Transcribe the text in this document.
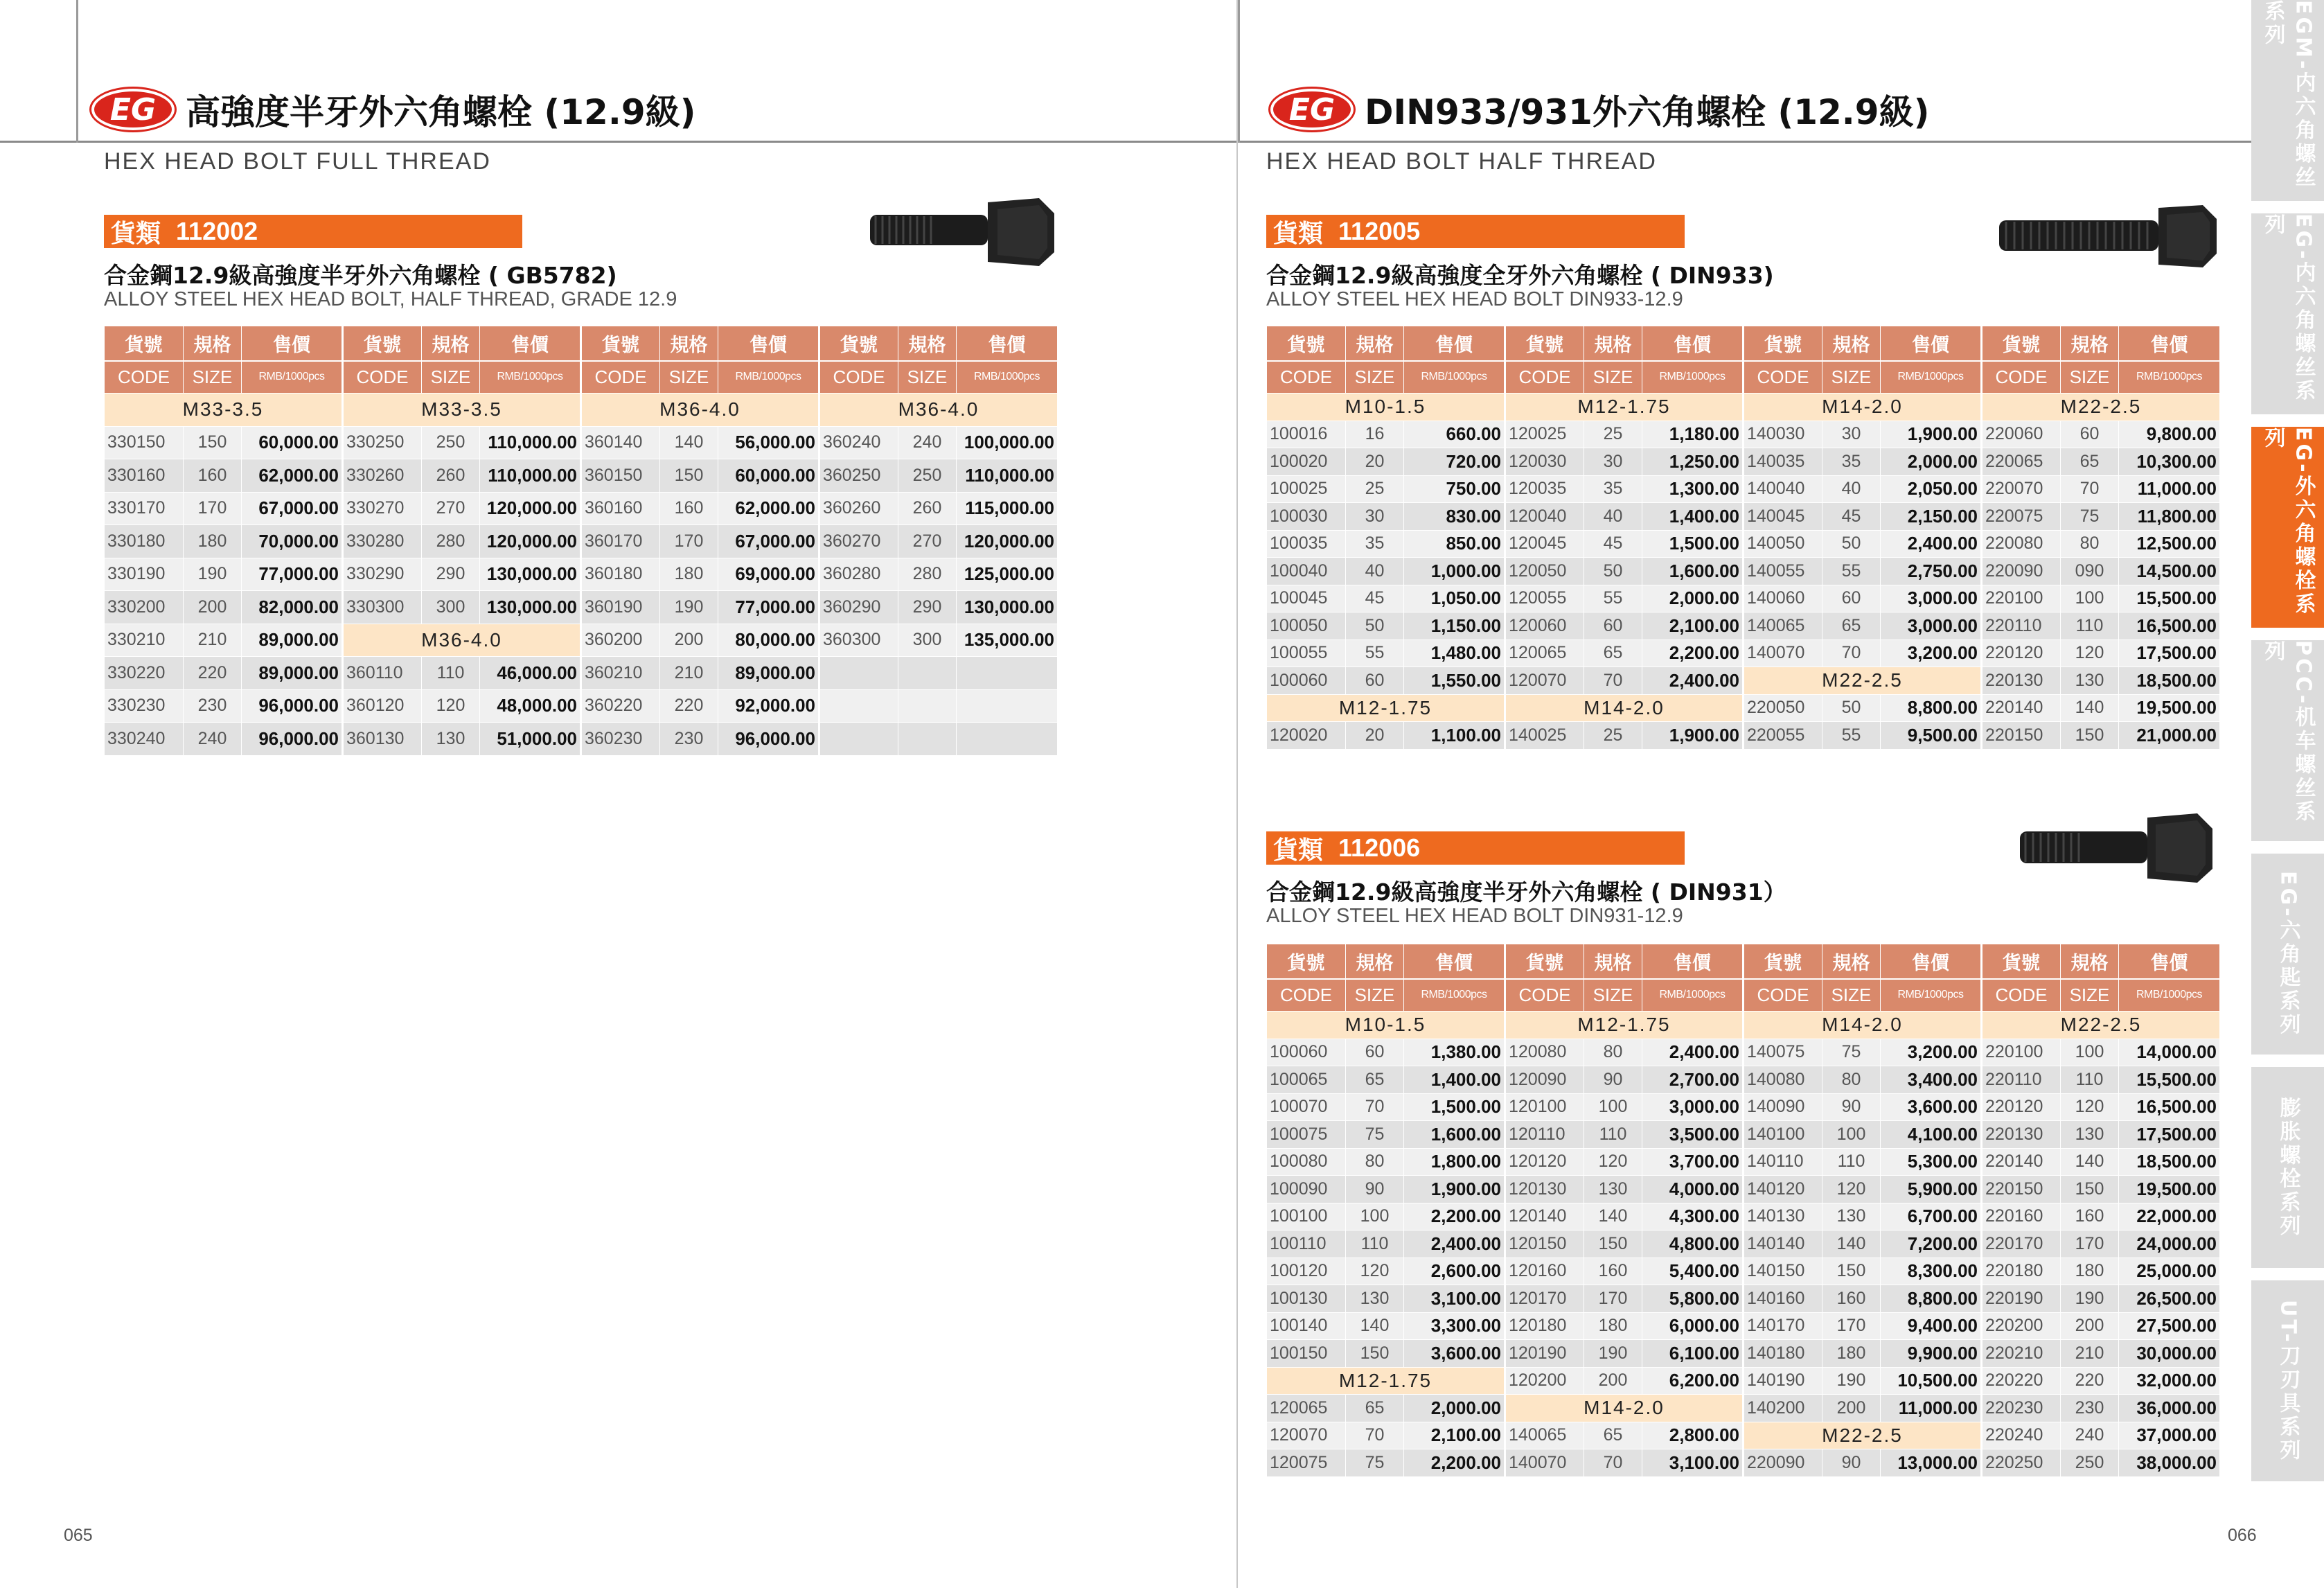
EG 高強度半牙外六角螺栓 (12.9級)
HEX HEAD BOLT FULL THREAD
EG DIN933/931外六角螺栓 (12.9級)
HEX HEAD BOLT HALF THREAD
貨類 112002
合金鋼12.9級高強度半牙外六角螺栓 ( GB5782)
ALLOY STEEL HEX HEAD BOLT, HALF THREAD, GRADE 12.9
貨號	規格	售價	貨號	規格	售價	貨號	規格	售價	貨號	規格	售價
CODE	SIZE	RMB/1000pcs	CODE	SIZE	RMB/1000pcs	CODE	SIZE	RMB/1000pcs	CODE	SIZE	RMB/1000pcs
M33-3.5			M33-3.5			M36-4.0			M36-4.0		
330150	150	60,000.00	330250	250	110,000.00	360140	140	56,000.00	360240	240	100,000.00
330160	160	62,000.00	330260	260	110,000.00	360150	150	60,000.00	360250	250	110,000.00
330170	170	67,000.00	330270	270	120,000.00	360160	160	62,000.00	360260	260	115,000.00
330180	180	70,000.00	330280	280	120,000.00	360170	170	67,000.00	360270	270	120,000.00
330190	190	77,000.00	330290	290	130,000.00	360180	180	69,000.00	360280	280	125,000.00
330200	200	82,000.00	330300	300	130,000.00	360190	190	77,000.00	360290	290	130,000.00
330210	210	89,000.00	M36-4.0			360200	200	80,000.00	360300	300	135,000.00
330220	220	89,000.00	360110	110	46,000.00	360210	210	89,000.00			
330230	230	96,000.00	360120	120	48,000.00	360220	220	92,000.00			
330240	240	96,000.00	360130	130	51,000.00	360230	230	96,000.00			
貨類 112005
合金鋼12.9級高強度全牙外六角螺栓 ( DIN933)
ALLOY STEEL HEX HEAD BOLT DIN933-12.9
貨號	規格	售價	貨號	規格	售價	貨號	規格	售價	貨號	規格	售價
CODE	SIZE	RMB/1000pcs	CODE	SIZE	RMB/1000pcs	CODE	SIZE	RMB/1000pcs	CODE	SIZE	RMB/1000pcs
M10-1.5			M12-1.75			M14-2.0			M22-2.5		
100016	16	660.00	120025	25	1,180.00	140030	30	1,900.00	220060	60	9,800.00
100020	20	720.00	120030	30	1,250.00	140035	35	2,000.00	220065	65	10,300.00
100025	25	750.00	120035	35	1,300.00	140040	40	2,050.00	220070	70	11,000.00
100030	30	830.00	120040	40	1,400.00	140045	45	2,150.00	220075	75	11,800.00
100035	35	850.00	120045	45	1,500.00	140050	50	2,400.00	220080	80	12,500.00
100040	40	1,000.00	120050	50	1,600.00	140055	55	2,750.00	220090	090	14,500.00
100045	45	1,050.00	120055	55	2,000.00	140060	60	3,000.00	220100	100	15,500.00
100050	50	1,150.00	120060	60	2,100.00	140065	65	3,000.00	220110	110	16,500.00
100055	55	1,480.00	120065	65	2,200.00	140070	70	3,200.00	220120	120	17,500.00
100060	60	1,550.00	120070	70	2,400.00	M22-2.5			220130	130	18,500.00
M12-1.75			M14-2.0			220050	50	8,800.00	220140	140	19,500.00
120020	20	1,100.00	140025	25	1,900.00	220055	55	9,500.00	220150	150	21,000.00
貨類 112006
合金鋼12.9級高強度半牙外六角螺栓 ( DIN931）
ALLOY STEEL HEX HEAD BOLT DIN931-12.9
貨號	規格	售價	貨號	規格	售價	貨號	規格	售價	貨號	規格	售價
CODE	SIZE	RMB/1000pcs	CODE	SIZE	RMB/1000pcs	CODE	SIZE	RMB/1000pcs	CODE	SIZE	RMB/1000pcs
M10-1.5			M12-1.75			M14-2.0			M22-2.5		
100060	60	1,380.00	120080	80	2,400.00	140075	75	3,200.00	220100	100	14,000.00
100065	65	1,400.00	120090	90	2,700.00	140080	80	3,400.00	220110	110	15,500.00
100070	70	1,500.00	120100	100	3,000.00	140090	90	3,600.00	220120	120	16,500.00
100075	75	1,600.00	120110	110	3,500.00	140100	100	4,100.00	220130	130	17,500.00
100080	80	1,800.00	120120	120	3,700.00	140110	110	5,300.00	220140	140	18,500.00
100090	90	1,900.00	120130	130	4,000.00	140120	120	5,900.00	220150	150	19,500.00
100100	100	2,200.00	120140	140	4,300.00	140130	130	6,700.00	220160	160	22,000.00
100110	110	2,400.00	120150	150	4,800.00	140140	140	7,200.00	220170	170	24,000.00
100120	120	2,600.00	120160	160	5,400.00	140150	150	8,300.00	220180	180	25,000.00
100130	130	3,100.00	120170	170	5,800.00	140160	160	8,800.00	220190	190	26,500.00
100140	140	3,300.00	120180	180	6,000.00	140170	170	9,400.00	220200	200	27,500.00
100150	150	3,600.00	120190	190	6,100.00	140180	180	9,900.00	220210	210	30,000.00
M12-1.75			120200	200	6,200.00	140190	190	10,500.00	220220	220	32,000.00
120065	65	2,000.00	M14-2.0			140200	200	11,000.00	220230	230	36,000.00
120070	70	2,100.00	140065	65	2,800.00	M22-2.5			220240	240	37,000.00
120075	75	2,200.00	140070	70	3,100.00	220090	90	13,000.00	220250	250	38,000.00
EGM-内六角螺丝系列
EG-内六角螺丝系列
EG-外六角螺栓系列
PCC-机车螺丝系列
EG-六角匙系列
膨胀螺栓系列
UT-刀刃具系列
065	066
